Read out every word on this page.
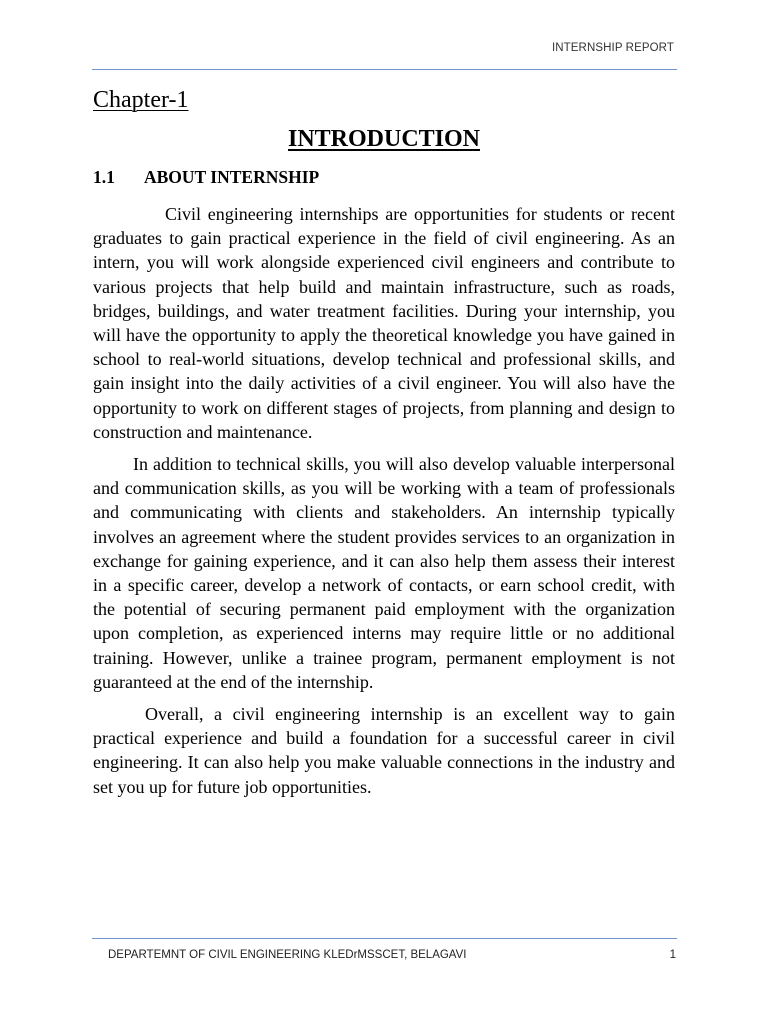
INTERNSHIP REPORT
Chapter-1
INTRODUCTION
1.1 ABOUT INTERNSHIP

Civil engineering internships are opportunities for students or recent graduates to gain practical experience in the field of civil engineering. As an intern, you will work alongside experienced civil engineers and contribute to various projects that help build and maintain infrastructure, such as roads, bridges, buildings, and water treatment facilities. During your internship, you will have the opportunity to apply the theoretical knowledge you have gained in school to real-world situations, develop technical and professional skills, and gain insight into the daily activities of a civil engineer. You will also have the opportunity to work on different stages of projects, from planning and design to construction and maintenance.

In addition to technical skills, you will also develop valuable interpersonal and communication skills, as you will be working with a team of professionals and communicating with clients and stakeholders. An internship typically involves an agreement where the student provides services to an organization in exchange for gaining experience, and it can also help them assess their interest in a specific career, develop a network of contacts, or earn school credit, with the potential of securing permanent paid employment with the organization upon completion, as experienced interns may require little or no additional training. However, unlike a trainee program, permanent employment is not guaranteed at the end of the internship.

Overall, a civil engineering internship is an excellent way to gain practical experience and build a foundation for a successful career in civil engineering. It can also help you make valuable connections in the industry and set you up for future job opportunities.

DEPARTEMNT OF CIVIL ENGINEERING KLEDrMSSCET, BELAGAVI	1
